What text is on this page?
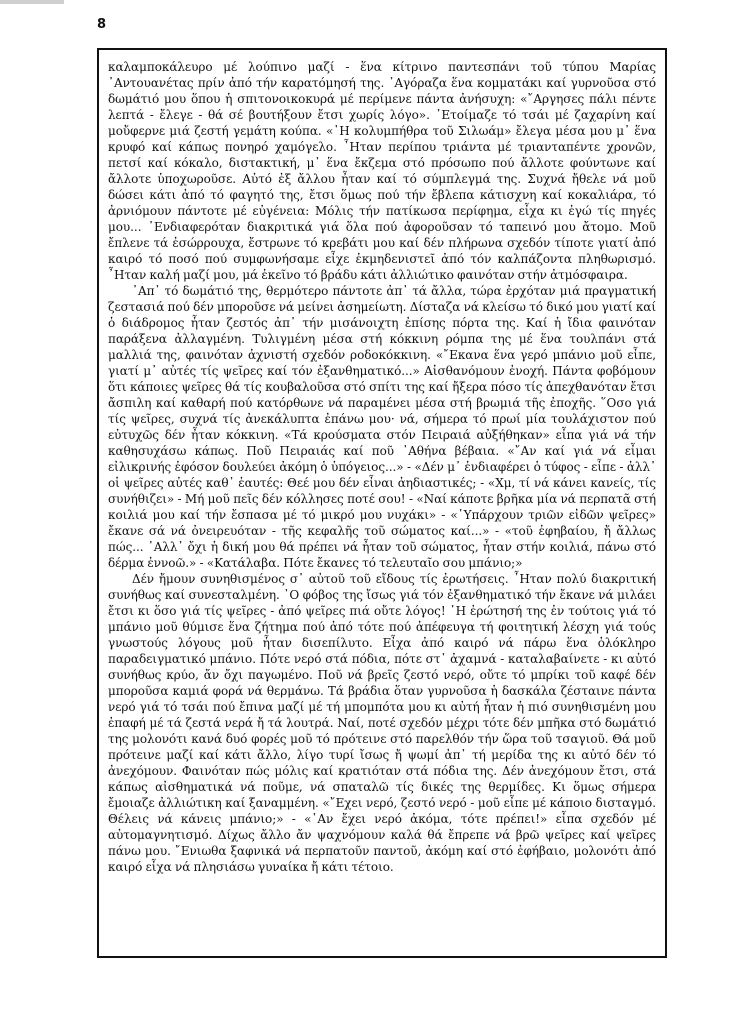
8

καλαμποκάλευρο μέ λούπινο μαζί - ἕνα κίτρινο παντεσπάνι τοῦ τύπου Μαρίας ᾽Αντουανέτας πρίν ἀπό τήν καρατόμησή της. ᾽Αγόραζα ἕνα κομματάκι καί γυρνοῦσα στό δωμάτιό μου ὅπου ἡ σπιτονοικοκυρά μέ περίμενε πάντα ἀνήσυχη: «῎Αργησες πάλι πέντε λεπτά - ἔλεγε - θά σέ βουτήξουν ἔτσι χωρίς λόγο». ᾽Ετοίμαζε τό τσάι μέ ζαχαρίνη καί μοὔφερνε μιά ζεστή γεμάτη κούπα. «᾽Η κολυμπήθρα τοῦ Σιλωάμ» ἔλεγα μέσα μου μ᾽ ἕνα κρυφό καί κάπως πονηρό χαμόγελο. ῏Ηταν περίπου τριάντα μέ τριανταπέντε χρονῶν, πετσί καί κόκαλο, διστακτική, μ᾽ ἕνα ἔκζεμα στό πρόσωπο πού ἄλλοτε φούντωνε καί ἄλλοτε ὑποχωροῦσε. Αὐτό ἐξ ἄλλου ἦταν καί τό σύμπλεγμά της. Συχνά ἤθελε νά μοῦ δώσει κάτι ἀπό τό φαγητό της, ἔτσι ὅμως πού τήν ἔβλεπα κάτισχνη καί κοκαλιάρα, τό ἀρνιόμουν πάντοτε μέ εὐγένεια: Μόλις τήν πατίκωσα περίφημα, εἶχα κι ἐγώ τίς πηγές μου... ᾽Ενδιαφερόταν διακριτικά γιά ὅλα πού ἀφοροῦσαν τό ταπεινό μου ἄτομο. Μοῦ ἔπλενε τά ἐσώρρουχα, ἔστρωνε τό κρεβάτι μου καί δέν πλήρωνα σχεδόν τίποτε γιατί ἀπό καιρό τό ποσό πού συμφωνήσαμε εἶχε ἐκμηδενιστεῖ ἀπό τόν καλπάζοντα πληθωρισμό. ῏Ηταν καλή μαζί μου, μά ἐκεῖνο τό βράδυ κάτι ἀλλιώτικο φαινόταν στήν ἀτμόσφαιρα.

᾽Απ᾽ τό δωμάτιό της, θερμότερο πάντοτε ἀπ᾽ τά ἄλλα, τώρα ἐρχόταν μιά πραγματική ζεστασιά πού δέν μποροῦσε νά μείνει ἀσημείωτη. Δίσταζα νά κλείσω τό δικό μου γιατί καί ὁ διάδρομος ἦταν ζεστός ἀπ᾽ τήν μισάνοιχτη ἐπίσης πόρτα της. Καί ἡ ἴδια φαινόταν παράξενα ἀλλαγμένη. Τυλιγμένη μέσα στή κόκκινη ρόμπα της μέ ἕνα τουλπάνι στά μαλλιά της, φαινόταν ἀχνιστή σχεδόν ροδοκόκκινη. «῎Εκανα ἕνα γερό μπάνιο μοῦ εἶπε, γιατί μ᾽ αὐτές τίς ψεῖρες καί τόν ἐξανθηματικό...» Αἰσθανόμουν ἐνοχή. Πάντα φοβόμουν ὅτι κάποιες ψεῖρες θά τίς κουβαλοῦσα στό σπίτι της καί ἤξερα πόσο τίς ἀπεχθανόταν ἔτσι ἄσπιλη καί καθαρή πού κατόρθωνε νά παραμένει μέσα στή βρωμιά τῆς ἐποχῆς. ῞Οσο γιά τίς ψεῖρες, συχνά τίς ἀνεκάλυπτα ἐπάνω μου· νά, σήμερα τό πρωί μία τουλάχιστον πού εὐτυχῶς δέν ἦταν κόκκινη. «Τά κρούσματα στόν Πειραιά αὐξήθηκαν» εἶπα γιά νά τήν καθησυχάσω κάπως. Ποῦ Πειραιάς καί ποῦ ᾽Αθήνα βέβαια. «῎Αν καί γιά νά εἶμαι εἰλικρινής ἐφόσον δουλεύει ἀκόμη ὁ ὑπόγειος...» - «Δέν μ᾽ ἐνδιαφέρει ὁ τύφος - εἶπε - ἀλλ᾽ οἱ ψεῖρες αὐτές καθ᾽ ἑαυτές: Θεέ μου δέν εἶναι ἀηδιαστικές; - «Χμ, τί νά κάνει κανείς, τίς συνήθιζει» - Μή μοῦ πεῖς δέν κόλλησες ποτέ σου! - «Ναί κάποτε βρῆκα μία νά περπατᾶ στή κοιλιά μου καί τήν ἔσπασα μέ τό μικρό μου νυχάκι» - «῾Υπάρχουν τριῶν εἰδῶν ψεῖρες» ἔκανε σά νά ὀνειρευόταν - τῆς κεφαλῆς τοῦ σώματος καί...» - «τοῦ ἐφηβαίου, ἤ ἄλλως πώς... ᾽Αλλ᾽ ὄχι ἡ δική μου θά πρέπει νά ἦταν τοῦ σώματος, ἦταν στήν κοιλιά, πάνω στό δέρμα ἐννοῶ.» - «Κατάλαβα. Πότε ἔκανες τό τελευταῖο σου μπάνιο;»

Δέν ἤμουν συνηθισμένος σ᾽ αὐτοῦ τοῦ εἴδους τίς ἐρωτήσεις. ῏Ηταν πολύ διακριτική συνήθως καί συνεσταλμένη. ᾽Ο φόβος της ἴσως γιά τόν ἐξανθηματικό τήν ἔκανε νά μιλάει ἔτσι κι ὅσο γιά τίς ψεῖρες - ἀπό ψεῖρες πιά οὔτε λόγος! ῾Η ἐρώτησή της ἐν τούτοις γιά τό μπάνιο μοῦ θύμισε ἕνα ζήτημα πού ἀπό τότε πού ἀπέφευγα τή φοιτητική λέσχη γιά τούς γνωστούς λόγους μοῦ ἦταν δισεπίλυτο. Εἶχα ἀπό καιρό νά πάρω ἕνα ὁλόκληρο παραδειγματικό μπάνιο. Πότε νερό στά πόδια, πότε στ᾽ ἀχαμνά - καταλαβαίνετε - κι αὐτό συνήθως κρύο, ἄν ὄχι παγωμένο. Ποῦ νά βρεῖς ζεστό νερό, οὔτε τό μπρίκι τοῦ καφέ δέν μποροῦσα καμιά φορά νά θερμάνω. Τά βράδια ὅταν γυρνοῦσα ἡ δασκάλα ζέσταινε πάντα νερό γιά τό τσάι πού ἔπινα μαζί μέ τή μπομπότα μου κι αὐτή ἦταν ἡ πιό συνηθισμένη μου ἐπαφή μέ τά ζεστά νερά ἤ τά λουτρά. Ναί, ποτέ σχεδόν μέχρι τότε δέν μπῆκα στό δωμάτιό της μολονότι κανά δυό φορές μοῦ τό πρότεινε στό παρελθόν τήν ὥρα τοῦ τσαγιοῦ. Θά μοῦ πρότεινε μαζί καί κάτι ἄλλο, λίγο τυρί ἴσως ἤ ψωμί ἀπ᾽ τή μερίδα της κι αὐτό δέν τό ἀνεχόμουν. Φαινόταν πώς μόλις καί κρατιόταν στά πόδια της. Δέν ἀνεχόμουν ἔτσι, στά κάπως αἰσθηματικά νά ποῦμε, νά σπαταλῶ τίς δικές της θερμίδες. Κι ὅμως σήμερα ἔμοιαζε ἀλλιώτικη καί ξαναμμένη. «῎Εχει νερό, ζεστό νερό - μοῦ εἶπε μέ κάποιο δισταγμό. Θέλεις νά κάνεις μπάνιο;» - «᾽Αν ἔχει νερό ἀκόμα, τότε πρέπει!» εἶπα σχεδόν μέ αὐτομαγνητισμό. Δίχως ἄλλο ἄν ψαχνόμουν καλά θά ἔπρεπε νά βρῶ ψεῖρες καί ψεῖρες πάνω μου. ῎Ενιωθα ξαφνικά νά περπατοῦν παντοῦ, ἀκόμη καί στό ἐφήβαιο, μολονότι ἀπό καιρό εἶχα νά πλησιάσω γυναίκα ἤ κάτι τέτοιο.
